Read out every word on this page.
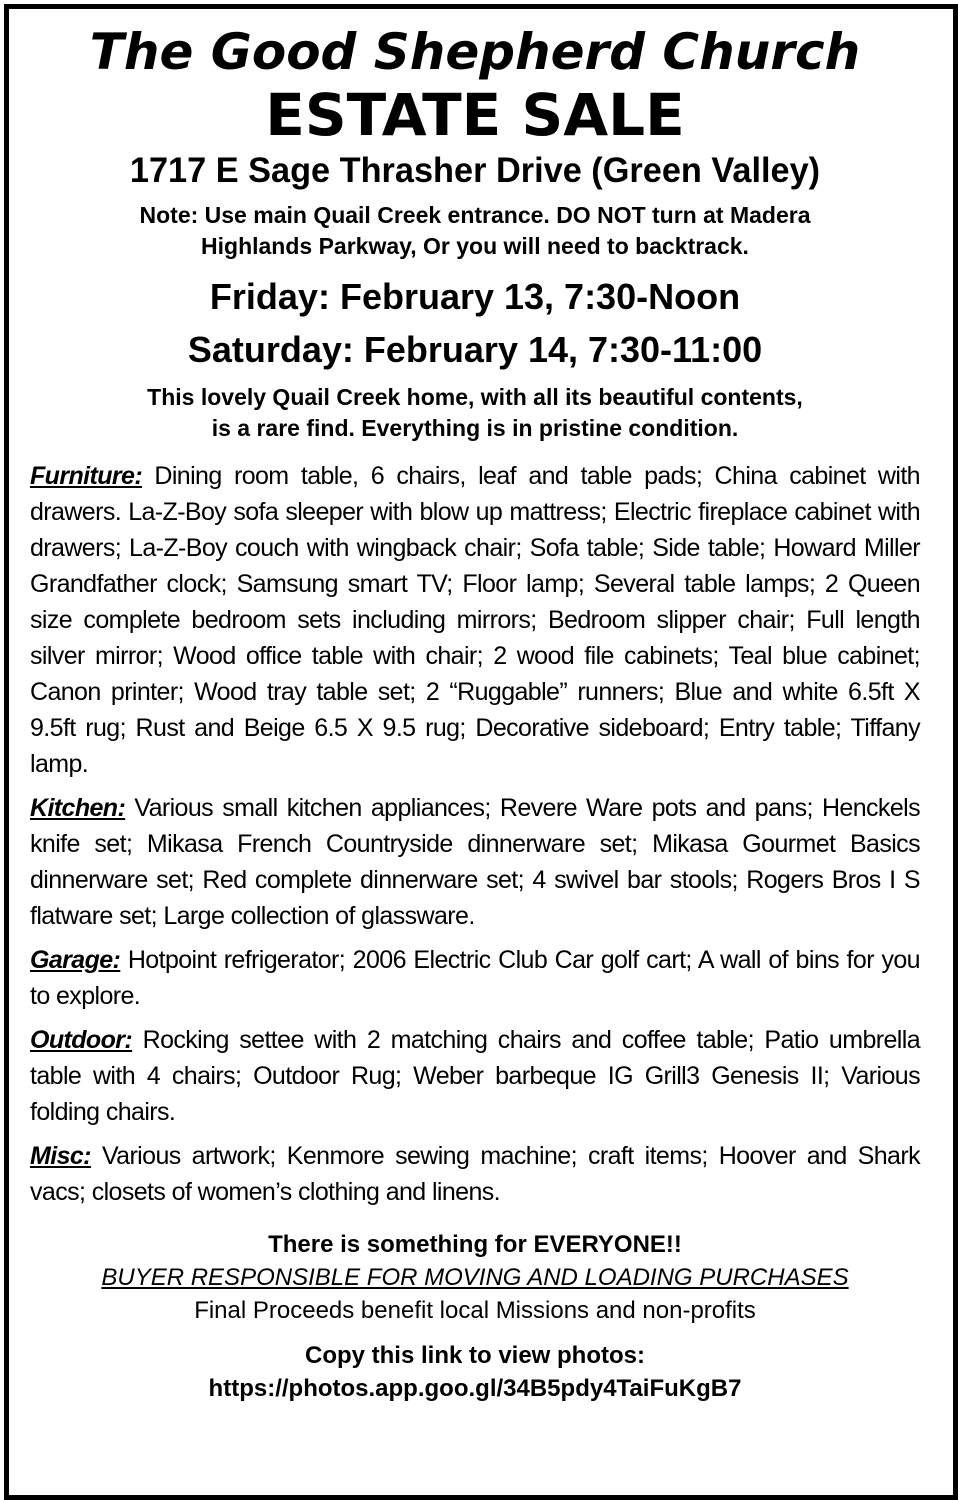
The Good Shepherd Church

ESTATE SALE

1717 E Sage Thrasher Drive (Green Valley)

Note: Use main Quail Creek entrance. DO NOT turn at Madera
Highlands Parkway, Or you will need to backtrack.

Friday: February 13, 7:30-Noon

Saturday: February 14, 7:30-11:00

This lovely Quail Creek home, with all its beautiful contents,
is a rare find. Everything is in pristine condition.

Furniture: Dining room table, 6 chairs, leaf and table pads; China cabinet with drawers. La-Z-Boy sofa sleeper with blow up mattress; Electric fireplace cabinet with drawers; La-Z-Boy couch with wingback chair; Sofa table; Side table; Howard Miller Grandfather clock; Samsung smart TV; Floor lamp; Several table lamps; 2 Queen size complete bedroom sets including mirrors; Bedroom slipper chair; Full length silver mirror; Wood office table with chair; 2 wood file cabinets; Teal blue cabinet; Canon printer; Wood tray table set; 2 “Ruggable” runners; Blue and white 6.5ft X 9.5ft rug; Rust and Beige 6.5 X 9.5 rug; Decorative sideboard; Entry table; Tiffany lamp.

Kitchen: Various small kitchen appliances; Revere Ware pots and pans; Henckels knife set; Mikasa French Countryside dinnerware set; Mikasa Gourmet Basics dinnerware set; Red complete dinnerware set; 4 swivel bar stools; Rogers Bros I S flatware set; Large collection of glassware.

Garage: Hotpoint refrigerator; 2006 Electric Club Car golf cart; A wall of bins for you to explore.

Outdoor: Rocking settee with 2 matching chairs and coffee table; Patio umbrella table with 4 chairs; Outdoor Rug; Weber barbeque IG Grill3 Genesis II; Various folding chairs.

Misc: Various artwork; Kenmore sewing machine; craft items; Hoover and Shark vacs; closets of women’s clothing and linens.

There is something for EVERYONE!!

BUYER RESPONSIBLE FOR MOVING AND LOADING PURCHASES

Final Proceeds benefit local Missions and non-profits

Copy this link to view photos:
https://photos.app.goo.gl/34B5pdy4TaiFuKgB7
